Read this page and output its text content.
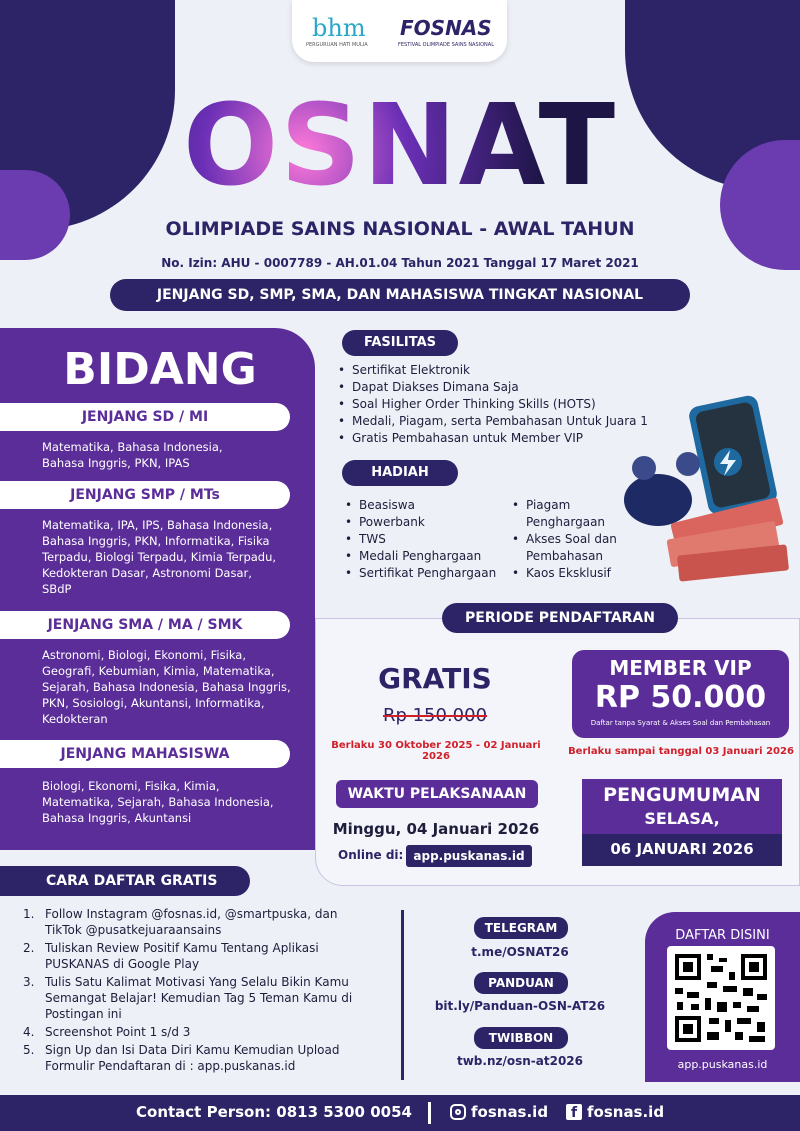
bhm
PERGURUAN HATI MULIA
FOSNAS
FESTIVAL OLIMPIADE SAINS NASIONAL
OSNAT
OLIMPIADE SAINS NASIONAL - AWAL TAHUN
No. Izin: AHU - 0007789 - AH.01.04 Tahun 2021 Tanggal 17 Maret 2021
JENJANG SD, SMP, SMA, DAN MAHASISWA TINGKAT NASIONAL
BIDANG
JENJANG SD / MI
Matematika, Bahasa Indonesia, Bahasa Inggris, PKN, IPAS
JENJANG SMP / MTs
Matematika, IPA, IPS, Bahasa Indonesia, Bahasa Inggris, PKN, Informatika, Fisika Terpadu, Biologi Terpadu, Kimia Terpadu, Kedokteran Dasar, Astronomi Dasar, SBdP
JENJANG SMA / MA / SMK
Astronomi, Biologi, Ekonomi, Fisika, Geografi, Kebumian, Kimia, Matematika, Sejarah, Bahasa Indonesia, Bahasa Inggris, PKN, Sosiologi, Akuntansi, Informatika, Kedokteran
JENJANG MAHASISWA
Biologi, Ekonomi, Fisika, Kimia, Matematika, Sejarah, Bahasa Indonesia, Bahasa Inggris, Akuntansi
FASILITAS
• Sertifikat Elektronik
• Dapat Diakses Dimana Saja
• Soal Higher Order Thinking Skills (HOTS)
• Medali, Piagam, serta Pembahasan Untuk Juara 1
• Gratis Pembahasan untuk Member VIP
HADIAH
• Beasiswa
• Powerbank
• TWS
• Medali Penghargaan
• Sertifikat Penghargaan
• Piagam Penghargaan
• Akses Soal dan Pembahasan
• Kaos Eksklusif
PERIODE PENDAFTARAN
GRATIS
Rp 150.000
Berlaku 30 Oktober 2025 - 02 Januari 2026
MEMBER VIP
RP 50.000
Daftar tanpa Syarat & Akses Soal dan Pembahasan
Berlaku sampai tanggal 03 Januari 2026
WAKTU PELAKSANAAN
Minggu, 04 Januari 2026
Online di: app.puskanas.id
PENGUMUMAN
SELASA,
06 JANUARI 2026
CARA DAFTAR GRATIS
1. Follow Instagram @fosnas.id, @smartpuska, dan TikTok @pusatkejuaraansains
2. Tuliskan Review Positif Kamu Tentang Aplikasi PUSKANAS di Google Play
3. Tulis Satu Kalimat Motivasi Yang Selalu Bikin Kamu Semangat Belajar! Kemudian Tag 5 Teman Kamu di Postingan ini
4. Screenshot Point 1 s/d 3
5. Sign Up dan Isi Data Diri Kamu Kemudian Upload Formulir Pendaftaran di : app.puskanas.id
TELEGRAM
t.me/OSNAT26
PANDUAN
bit.ly/Panduan-OSN-AT26
TWIBBON
twb.nz/osn-at2026
DAFTAR DISINI
app.puskanas.id
Contact Person: 0813 5300 0054	fosnas.id	f fosnas.id
